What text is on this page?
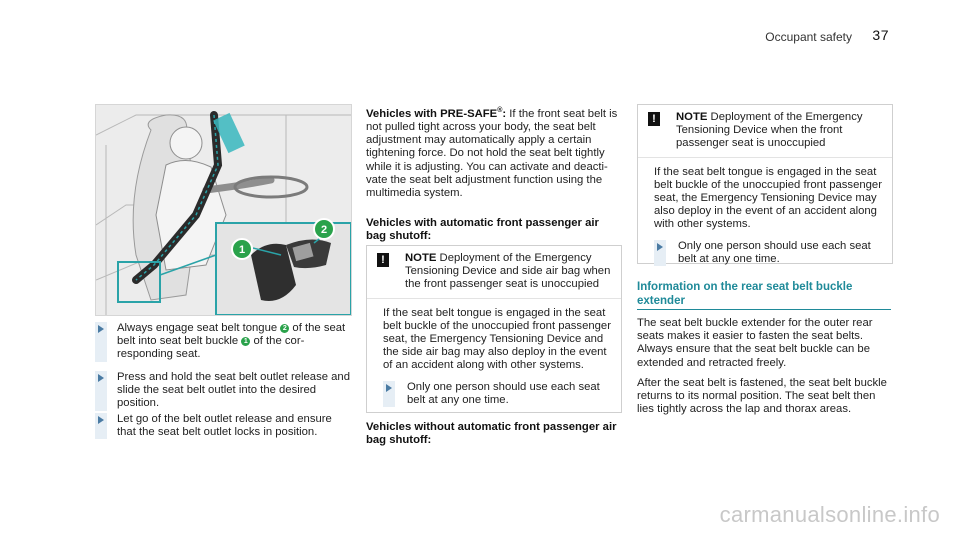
Occupant safety 37
1
2
Always engage seat belt tongue 2 of the seat belt into seat belt buckle 1 of the cor- responding seat.
Press and hold the seat belt outlet release and slide the seat belt outlet into the desired position.
Let go of the belt outlet release and ensure that the seat belt outlet locks in position.
Vehicles with PRE-SAFE®: If the front seat belt is not pulled tight across your body, the seat belt adjustment may automatically apply a certain tightening force. Do not hold the seat belt tightly while it is adjusting. You can activate and deacti- vate the seat belt adjustment function using the multimedia system.
Vehicles with automatic front passenger air bag shutoff:
!	NOTE Deployment of the Emergency Tensioning Device and side air bag when the front passenger seat is unoccupied
If the seat belt tongue is engaged in the seat belt buckle of the unoccupied front passenger seat, the Emergency Tensioning Device and the side air bag may also deploy in the event of an accident along with other systems.
Only one person should use each seat belt at any one time.
Vehicles without automatic front passenger air bag shutoff:
!	NOTE Deployment of the Emergency Tensioning Device when the front passenger seat is unoccupied
If the seat belt tongue is engaged in the seat belt buckle of the unoccupied front passenger seat, the Emergency Tensioning Device may also deploy in the event of an accident along with other systems.
Only one person should use each seat belt at any one time.
Information on the rear seat belt buckle extender
The seat belt buckle extender for the outer rear seats makes it easier to fasten the seat belts. Always ensure that the seat belt buckle can be extended and retracted freely.
After the seat belt is fastened, the seat belt buckle returns to its normal position. The seat belt then lies tightly across the lap and thorax areas.
carmanualsonline.info
